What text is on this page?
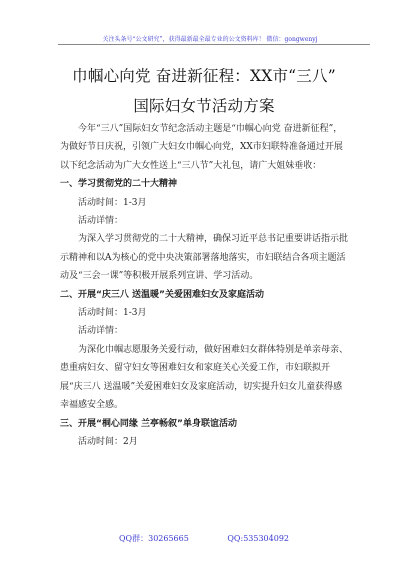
关注头条号“公文研究”，获得最新最全最专业的公文资料库！ 微信：gongwenyj
巾帼心向党 奋进新征程：XX市“三八”
国际妇女节活动方案

今年“三八”国际妇女节纪念活动主题是“巾帼心向党 奋进新征程”，为做好节日庆祝，引领广大妇女巾帼心向党，XX市妇联特准备通过开展以下纪念活动为广大女性送上“三八节”大礼包，请广大姐妹垂收：

一、学习贯彻党的二十大精神

活动时间：1-3月

活动详情：

为深入学习贯彻党的二十大精神，确保习近平总书记重要讲话指示批示精神和以A为核心的党中央决策部署落地落实，市妇联结合各项主题活动及“三会一课”等积极开展系列宣讲、学习活动。

二、开展“庆三八 送温暖”关爱困难妇女及家庭活动

活动时间：1-3月

活动详情：

为深化巾帼志愿服务关爱行动，做好困难妇女群体特别是单亲母亲、患重病妇女、留守妇女等困难妇女和家庭关心关爱工作，市妇联拟开展“庆三八 送温暖”关爱困难妇女及家庭活动，切实提升妇女儿童获得感幸福感安全感。

三、开展“桐心同缘 兰亭畅叙”单身联谊活动

活动时间：2月

QQ群：30265665	QQ:535304092
